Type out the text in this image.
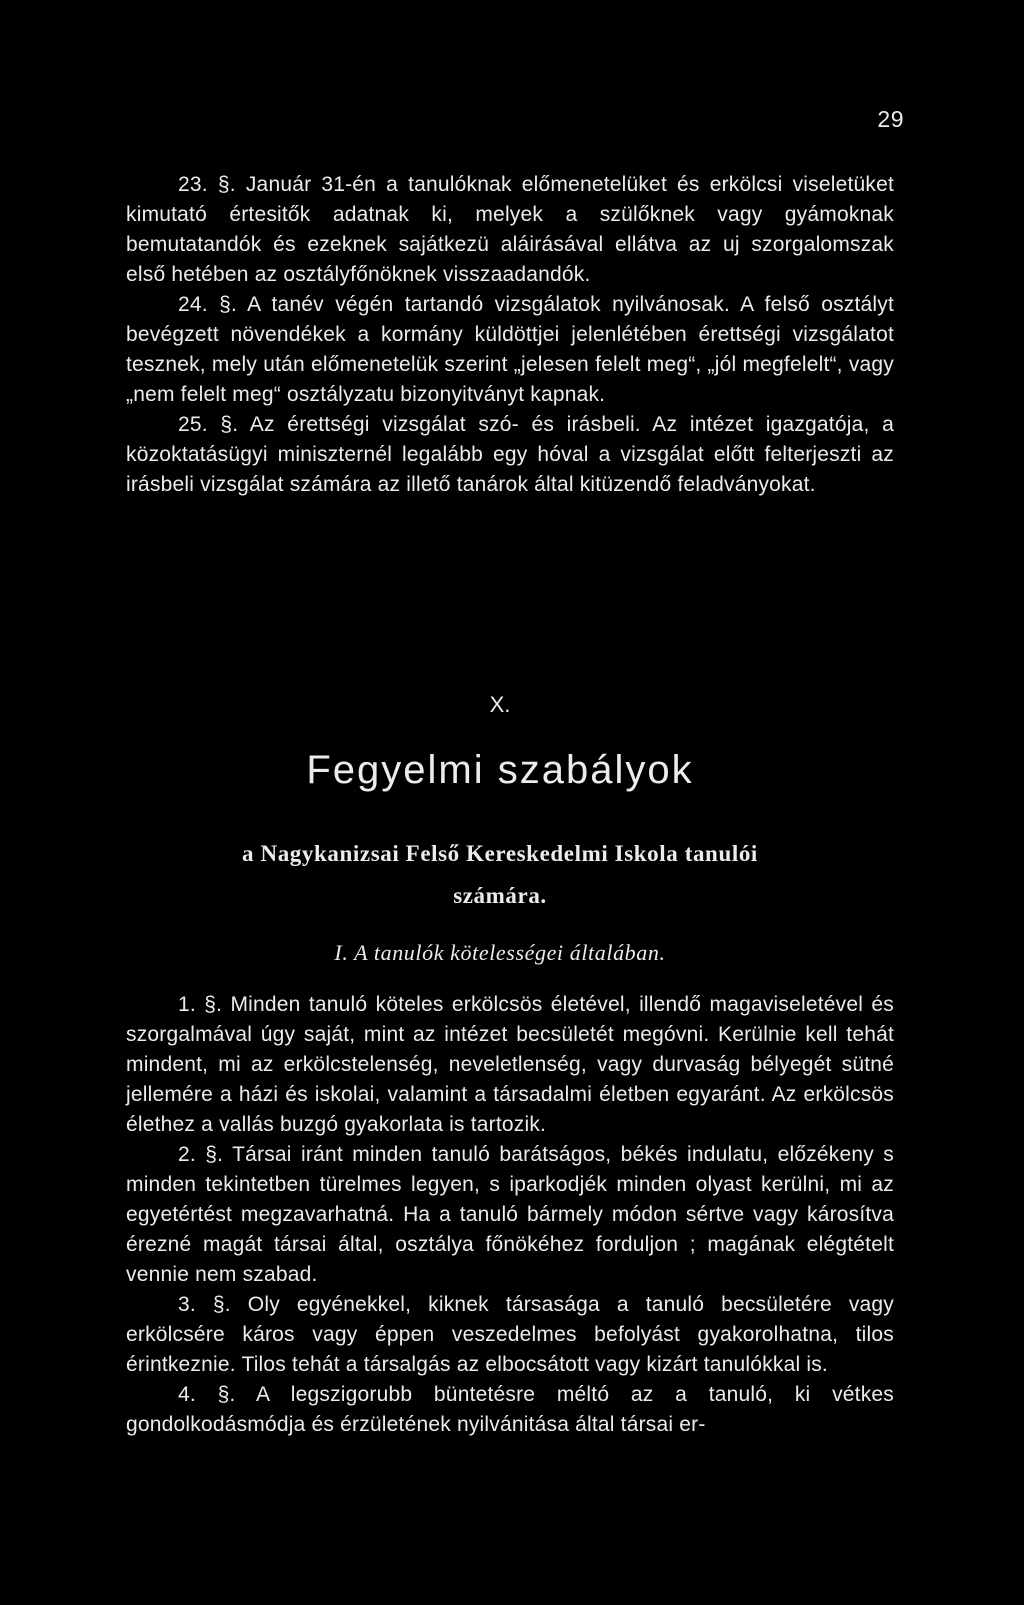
29

23. §. Január 31-én a tanulóknak előmenetelüket és erkölcsi viseletüket kimutató értesitők adatnak ki, melyek a szülőknek vagy gyámoknak bemutatandók és ezeknek sajátkezü aláirásával ellátva az uj szorgalomszak első hetében az osztályfőnöknek visszaadandók.

24. §. A tanév végén tartandó vizsgálatok nyilvánosak. A felső osztályt bevégzett növendékek a kormány küldöttjei jelenlétében érettségi vizsgálatot tesznek, mely után előmenetelük szerint „jelesen felelt meg“, „jól megfelelt“, vagy „nem felelt meg“ osztályzatu bizonyitványt kapnak.

25. §. Az érettségi vizsgálat szó- és irásbeli. Az intézet igazgatója, a közoktatásügyi miniszternél legalább egy hóval a vizsgálat előtt felterjeszti az irásbeli vizsgálat számára az illető tanárok által kitüzendő feladványokat.

X.
Fegyelmi szabályok
a Nagykanizsai Felső Kereskedelmi Iskola tanulói
számára.
I. A tanulók kötelességei általában.

1. §. Minden tanuló köteles erkölcsös életével, illendő magaviseletével és szorgalmával úgy saját, mint az intézet becsületét megóvni. Kerülnie kell tehát mindent, mi az erkölcstelenség, neveletlenség, vagy durvaság bélyegét sütné jellemére a házi és iskolai, valamint a társadalmi életben egyaránt. Az erkölcsös élethez a vallás buzgó gyakorlata is tartozik.

2. §. Társai iránt minden tanuló barátságos, békés indulatu, előzékeny s minden tekintetben türelmes legyen, s iparkodjék minden olyast kerülni, mi az egyetértést megzavarhatná. Ha a tanuló bármely módon sértve vagy károsítva érezné magát társai által, osztálya főnökéhez forduljon ; magának elégtételt vennie nem szabad.

3. §. Oly egyénekkel, kiknek társasága a tanuló becsületére vagy erkölcsére káros vagy éppen veszedelmes befolyást gyakorolhatna, tilos érintkeznie. Tilos tehát a társalgás az elbocsátott vagy kizárt tanulókkal is.

4. §. A legszigorubb büntetésre méltó az a tanuló, ki vétkes gondolkodásmódja és érzületének nyilvánitása által társai er-
